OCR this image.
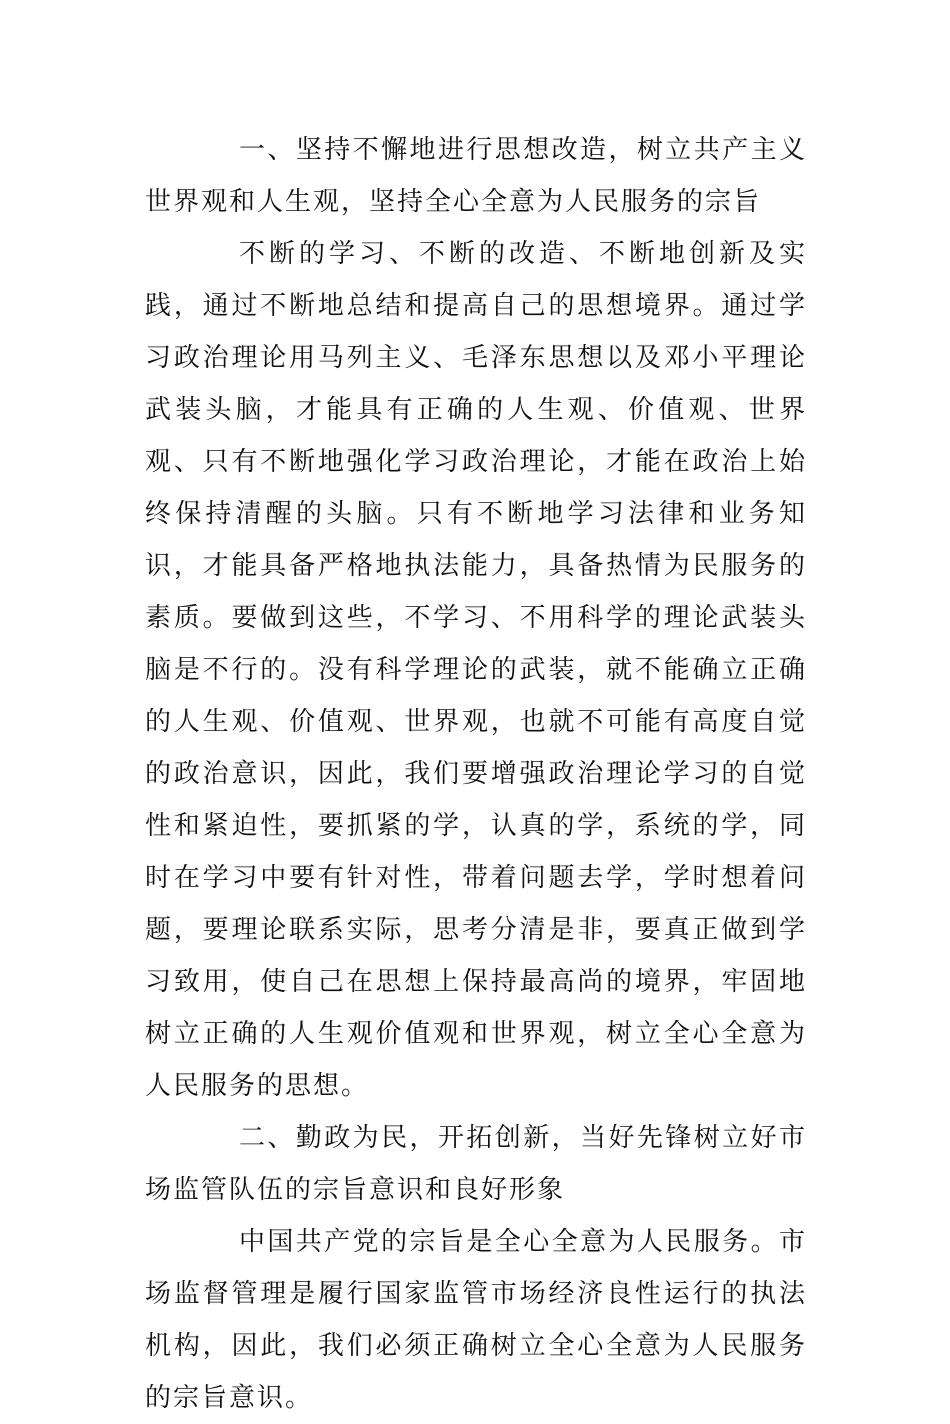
一、坚持不懈地进行思想改造，树立共产主义世界观和人生观，坚持全心全意为人民服务的宗旨

不断的学习、不断的改造、不断地创新及实践，通过不断地总结和提高自己的思想境界。通过学习政治理论用马列主义、毛泽东思想以及邓小平理论武装头脑，才能具有正确的人生观、价值观、世界观、只有不断地强化学习政治理论，才能在政治上始终保持清醒的头脑。只有不断地学习法律和业务知识，才能具备严格地执法能力，具备热情为民服务的素质。要做到这些，不学习、不用科学的理论武装头脑是不行的。没有科学理论的武装，就不能确立正确的人生观、价值观、世界观，也就不可能有高度自觉的政治意识，因此，我们要增强政治理论学习的自觉性和紧迫性，要抓紧的学，认真的学，系统的学，同时在学习中要有针对性，带着问题去学，学时想着问题，要理论联系实际，思考分清是非，要真正做到学习致用，使自己在思想上保持最高尚的境界，牢固地树立正确的人生观价值观和世界观，树立全心全意为人民服务的思想。

二、勤政为民，开拓创新，当好先锋树立好市场监管队伍的宗旨意识和良好形象

中国共产党的宗旨是全心全意为人民服务。市场监督管理是履行国家监管市场经济良性运行的执法机构，因此，我们必须正确树立全心全意为人民服务的宗旨意识。
